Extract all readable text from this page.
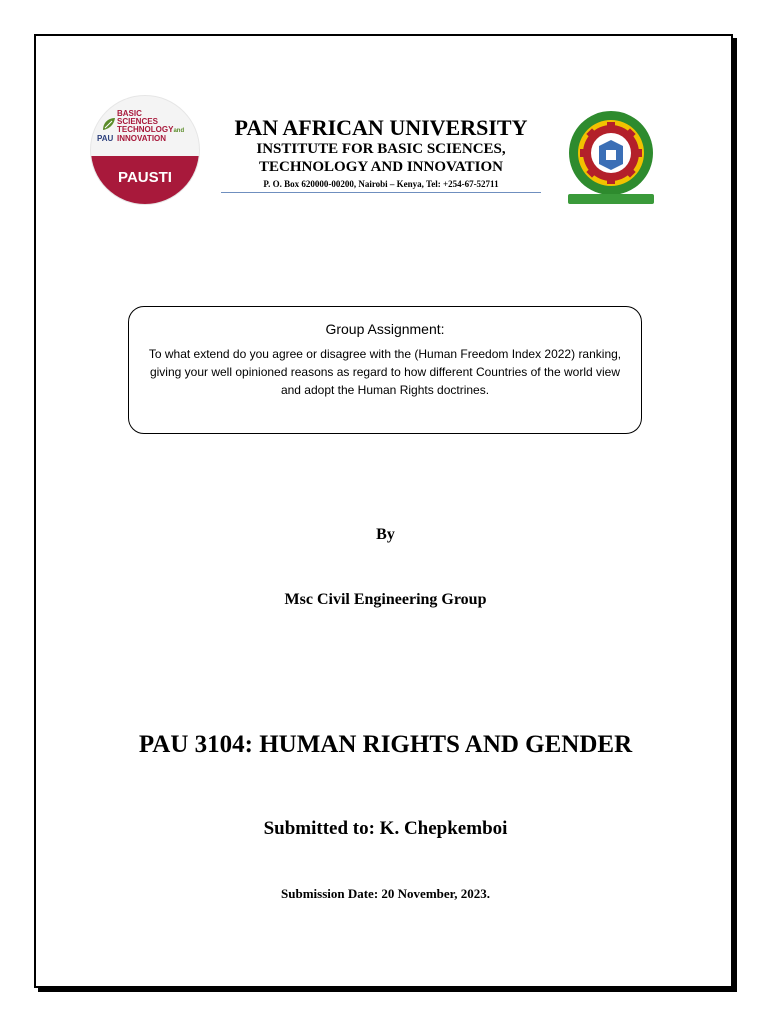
BASIC
SCIENCES
TECHNOLOGYand
INNOVATION
PAU
PAUSTI
PAN AFRICAN UNIVERSITY
INSTITUTE FOR BASIC SCIENCES,
TECHNOLOGY AND INNOVATION
P. O. Box 620000-00200, Nairobi – Kenya, Tel: +254-67-52711
Group Assignment:
To what extend do you agree or disagree with the (Human Freedom Index 2022) ranking, giving your well opinioned reasons as regard to how different Countries of the world view and adopt the Human Rights doctrines.
By
Msc Civil Engineering Group
PAU 3104: HUMAN RIGHTS AND GENDER
Submitted to: K. Chepkemboi
Submission Date: 20 November, 2023.
